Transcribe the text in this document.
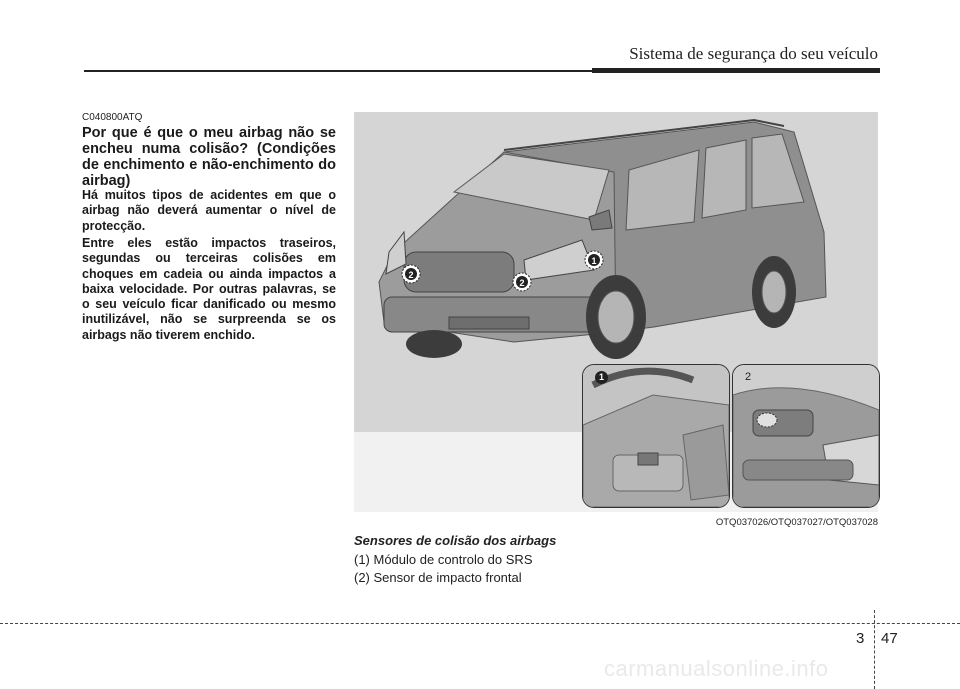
Sistema de segurança do seu veículo
C040800ATQ
Por que é que o meu airbag não se encheu numa colisão? (Condições de enchimento e não-enchimento do airbag)
Há muitos tipos de acidentes em que o airbag não deverá aumentar o nível de protecção.
Entre eles estão impactos traseiros, segundas ou terceiras colisões em choques em cadeia ou ainda impactos a baixa velocidade. Por outras palavras, se o seu veículo ficar danificado ou mesmo inutilizável, não se surpreenda se os airbags não tiverem enchido.
1
2
2
1	2
OTQ037026/OTQ037027/OTQ037028
Sensores de colisão dos airbags
(1) Módulo de controlo do SRS
(2) Sensor de impacto frontal
3 47
carmanualsonline.info
